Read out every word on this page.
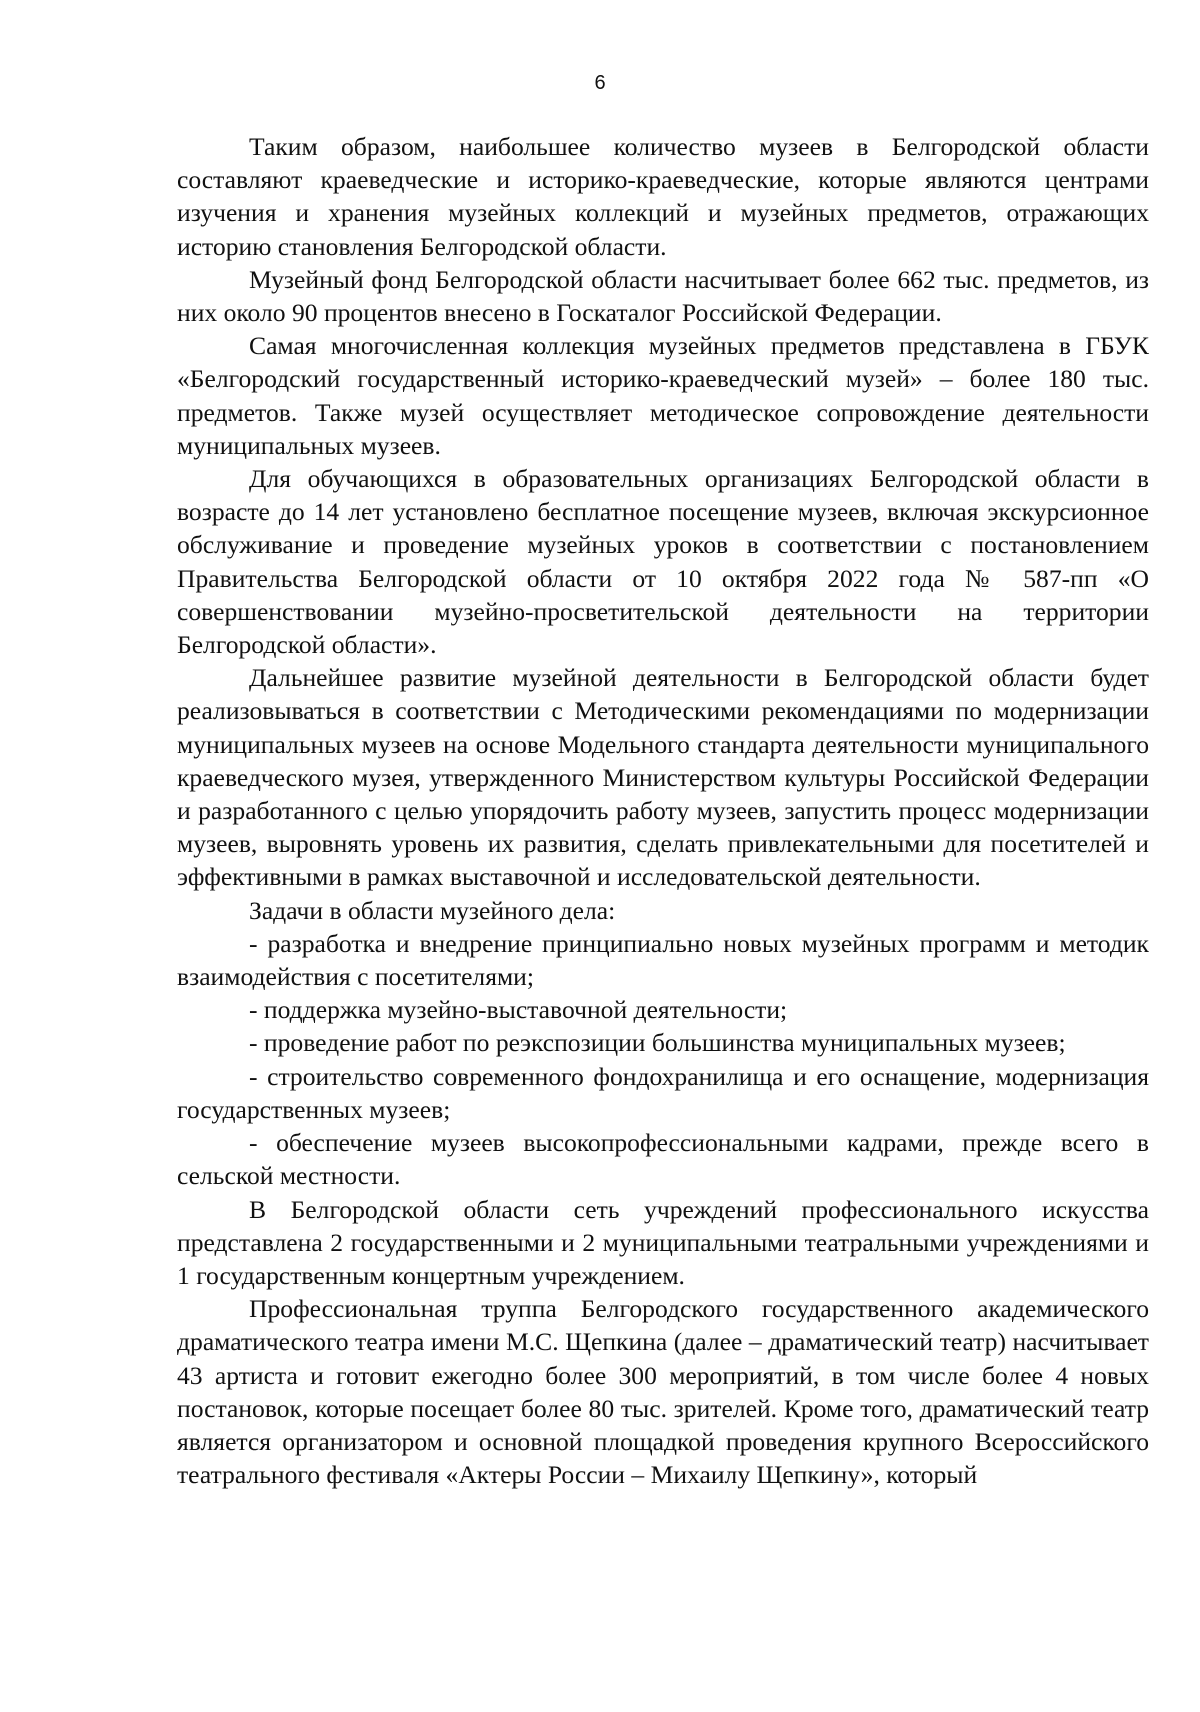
6

Таким образом, наибольшее количество музеев в Белгородской области составляют краеведческие и историко-краеведческие, которые являются центрами изучения и хранения музейных коллекций и музейных предметов, отражающих историю становления Белгородской области.

Музейный фонд Белгородской области насчитывает более 662 тыс. предметов, из них около 90 процентов внесено в Госкаталог Российской Федерации.

Самая многочисленная коллекция музейных предметов представлена в ГБУК «Белгородский государственный историко-краеведческий музей» – более 180 тыс. предметов. Также музей осуществляет методическое сопровождение деятельности муниципальных музеев.

Для обучающихся в образовательных организациях Белгородской области в возрасте до 14 лет установлено бесплатное посещение музеев, включая экскурсионное обслуживание и проведение музейных уроков в соответствии с постановлением Правительства Белгородской области от 10 октября 2022 года № 587-пп «О совершенствовании музейно-просветительской деятельности на территории Белгородской области».

Дальнейшее развитие музейной деятельности в Белгородской области будет реализовываться в соответствии с Методическими рекомендациями по модернизации муниципальных музеев на основе Модельного стандарта деятельности муниципального краеведческого музея, утвержденного Министерством культуры Российской Федерации и разработанного с целью упорядочить работу музеев, запустить процесс модернизации музеев, выровнять уровень их развития, сделать привлекательными для посетителей и эффективными в рамках выставочной и исследовательской деятельности.

Задачи в области музейного дела:

- разработка и внедрение принципиально новых музейных программ и методик взаимодействия с посетителями;

- поддержка музейно-выставочной деятельности;

- проведение работ по реэкспозиции большинства муниципальных музеев;

- строительство современного фондохранилища и его оснащение, модернизация государственных музеев;

- обеспечение музеев высокопрофессиональными кадрами, прежде всего в сельской местности.

В Белгородской области сеть учреждений профессионального искусства представлена 2 государственными и 2 муниципальными театральными учреждениями и 1 государственным концертным учреждением.

Профессиональная труппа Белгородского государственного академического драматического театра имени М.С. Щепкина (далее – драматический театр) насчитывает 43 артиста и готовит ежегодно более 300 мероприятий, в том числе более 4 новых постановок, которые посещает более 80 тыс. зрителей. Кроме того, драматический театр является организатором и основной площадкой проведения крупного Всероссийского театрального фестиваля «Актеры России – Михаилу Щепкину», который
